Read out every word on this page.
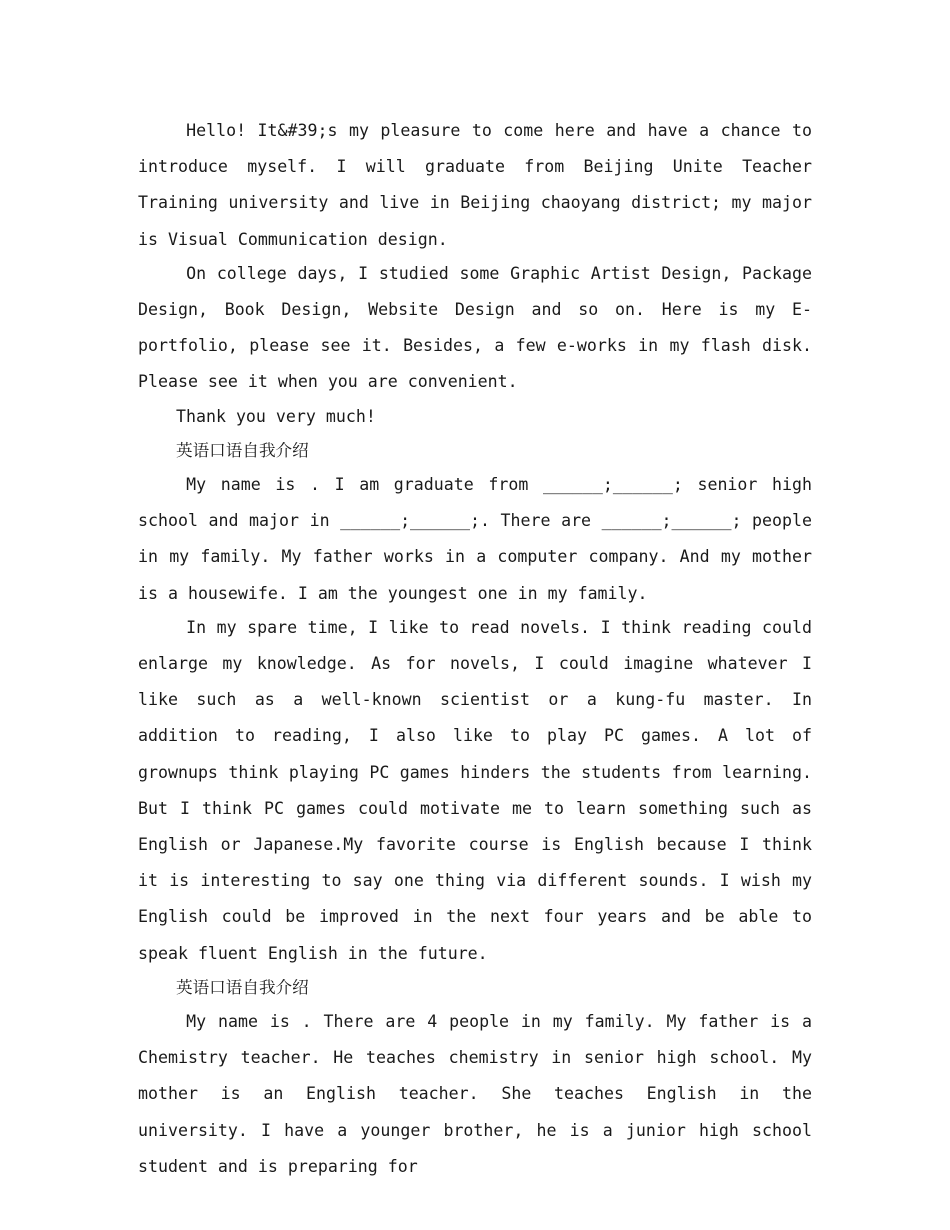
Hello! It&#39;s my pleasure to come here and have a chance to introduce myself. I will graduate from Beijing Unite Teacher Training university and live in Beijing chaoyang district; my major is Visual Communication design.

On college days, I studied some Graphic Artist Design, Package Design, Book Design, Website Design and so on. Here is my E-portfolio, please see it. Besides, a few e-works in my flash disk. Please see it when you are convenient.

Thank you very much!

英语口语自我介绍

My name is . I am graduate from ______;______; senior high school and major in ______;______;. There are ______;______; people in my family. My father works in a computer company. And my mother is a housewife. I am the youngest one in my family.

In my spare time, I like to read novels. I think reading could enlarge my knowledge. As for novels, I could imagine whatever I like such as a well-known scientist or a kung-fu master. In addition to reading, I also like to play PC games. A lot of grownups think playing PC games hinders the students from learning. But I think PC games could motivate me to learn something such as English or Japanese.My favorite course is English because I think it is interesting to say one thing via different sounds. I wish my English could be improved in the next four years and be able to speak fluent English in the future.

英语口语自我介绍

My name is . There are 4 people in my family. My father is a Chemistry teacher. He teaches chemistry in senior high school. My mother is an English teacher. She teaches English in the university. I have a younger brother, he is a junior high school student and is preparing for
